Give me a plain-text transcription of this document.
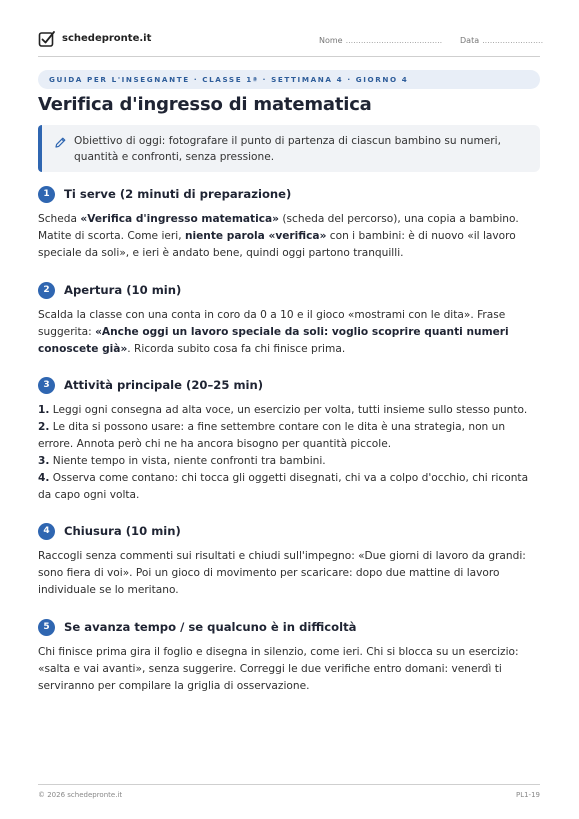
schedepronte.it	Nome ...................................... Data ........................
GUIDA PER L'INSEGNANTE · CLASSE 1ª · SETTIMANA 4 · GIORNO 4
Verifica d'ingresso di matematica
Obiettivo di oggi: fotografare il punto di partenza di ciascun bambino su numeri, quantità e confronti, senza pressione.
1	Ti serve (2 minuti di preparazione)
Scheda «Verifica d'ingresso matematica» (scheda del percorso), una copia a bambino. Matite di scorta. Come ieri, niente parola «verifica» con i bambini: è di nuovo «il lavoro speciale da soli», e ieri è andato bene, quindi oggi partono tranquilli.
2	Apertura (10 min)
Scalda la classe con una conta in coro da 0 a 10 e il gioco «mostrami con le dita». Frase suggerita: «Anche oggi un lavoro speciale da soli: voglio scoprire quanti numeri conoscete già». Ricorda subito cosa fa chi finisce prima.
3	Attività principale (20–25 min)
1. Leggi ogni consegna ad alta voce, un esercizio per volta, tutti insieme sullo stesso punto.
2. Le dita si possono usare: a fine settembre contare con le dita è una strategia, non un errore. Annota però chi ne ha ancora bisogno per quantità piccole.
3. Niente tempo in vista, niente confronti tra bambini.
4. Osserva come contano: chi tocca gli oggetti disegnati, chi va a colpo d'occhio, chi riconta da capo ogni volta.
4	Chiusura (10 min)
Raccogli senza commenti sui risultati e chiudi sull'impegno: «Due giorni di lavoro da grandi: sono fiera di voi». Poi un gioco di movimento per scaricare: dopo due mattine di lavoro individuale se lo meritano.
5	Se avanza tempo / se qualcuno è in difficoltà
Chi finisce prima gira il foglio e disegna in silenzio, come ieri. Chi si blocca su un esercizio: «salta e vai avanti», senza suggerire. Correggi le due verifiche entro domani: venerdì ti serviranno per compilare la griglia di osservazione.
© 2026 schedepronte.it	PL1-19
